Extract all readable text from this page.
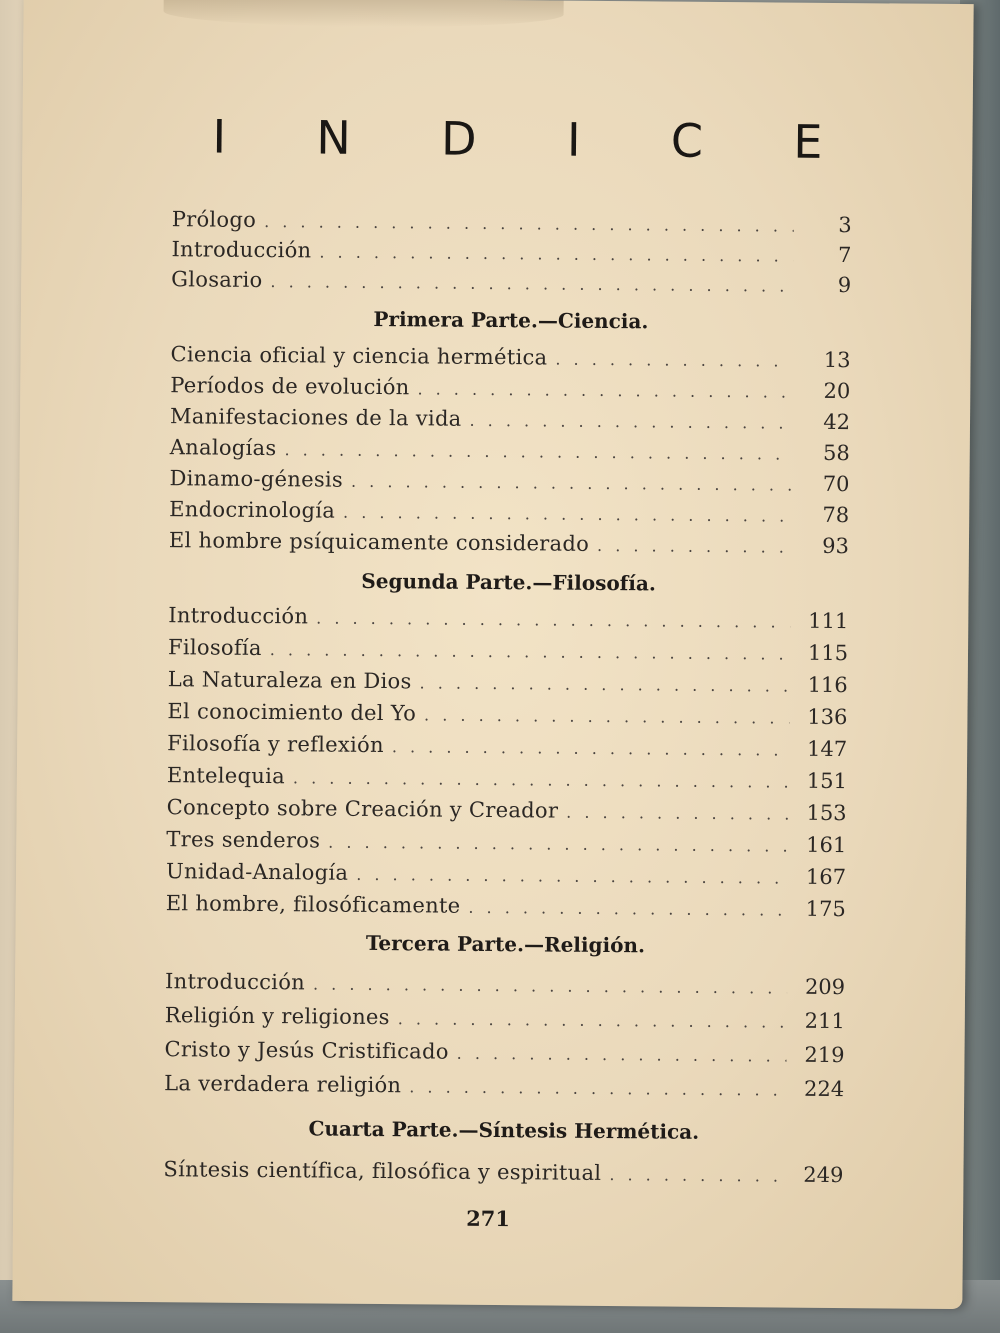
I N D I C E
Prólogo . . .	3
Introducción . . .	7
Glosario . . .	9
Primera Parte.—Ciencia.
Ciencia oficial y ciencia hermética . . .	13
Períodos de evolución . . .	20
Manifestaciones de la vida . . .	42
Analogías . . .	58
Dinamo-génesis . . .	70
Endocrinología . . .	78
El hombre psíquicamente considerado . . .	93
Segunda Parte.—Filosofía.
Introducción . . .	111
Filosofía . . .	115
La Naturaleza en Dios . . .	116
El conocimiento del Yo . . .	136
Filosofía y reflexión . . .	147
Entelequia . . .	151
Concepto sobre Creación y Creador . . .	153
Tres senderos . . .	161
Unidad-Analogía . . .	167
El hombre, filosóficamente . . .	175
Tercera Parte.—Religión.
Introducción . . .	209
Religión y religiones . . .	211
Cristo y Jesús Cristificado . . .	219
La verdadera religión . . .	224
Cuarta Parte.—Síntesis Hermética.
Síntesis científica, filosófica y espiritual . . .	249
271
